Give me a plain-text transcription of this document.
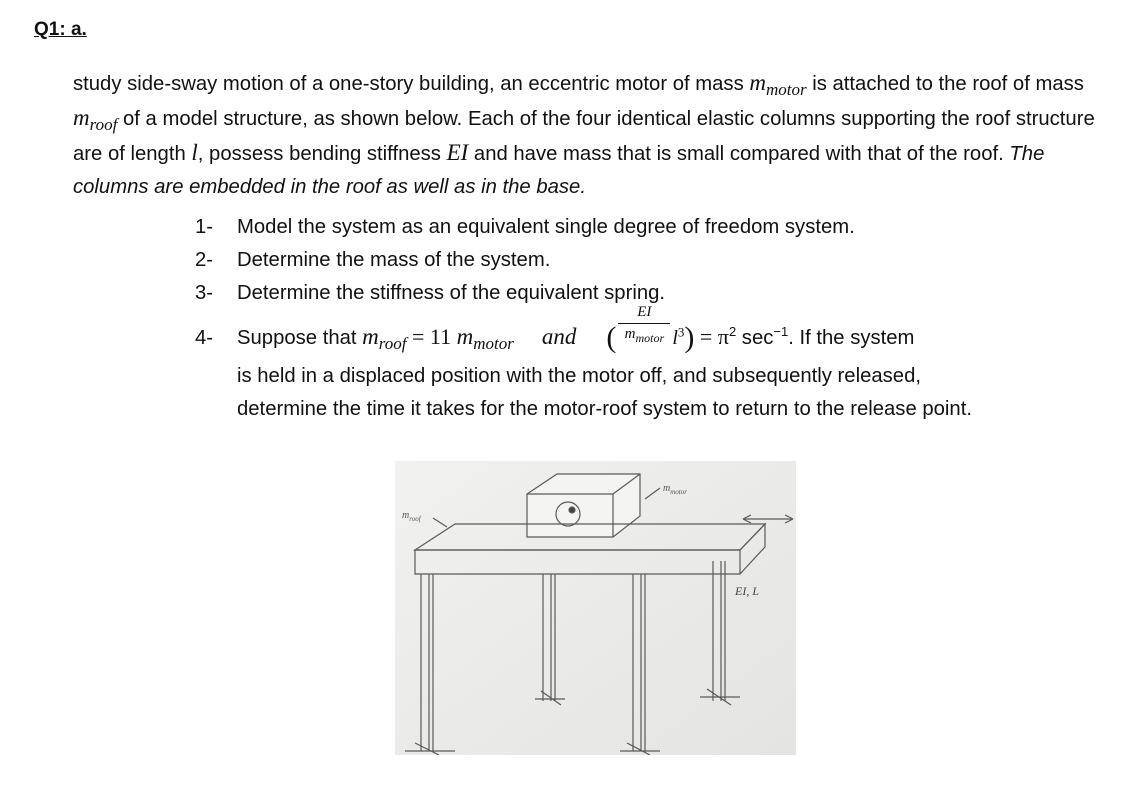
Q1: a.
study side-sway motion of a one-story building, an eccentric motor of mass $m_{motor}$ is attached to the roof of mass $m_{roof}$ of a model structure, as shown below. Each of the four identical elastic columns supporting the roof structure are of length l, possess bending stiffness EI and have mass that is small compared with that of the roof. The columns are embedded in the roof as well as in the base.
1- Model the system as an equivalent single degree of freedom system.
2- Determine the mass of the system.
3- Determine the stiffness of the equivalent spring.
4- Suppose that $m_{roof} = 11$ $m_{motor}$ and ( $\frac{EI}{m_{motor}} l^3) = \pi^2$ $\sec^{-1}$. If the system
is held in a displaced position with the motor off, and subsequently released,
determine the time it takes for the motor-roof system to return to the release point.
$m_{motor}$
$m_{roof}$
EI, L
